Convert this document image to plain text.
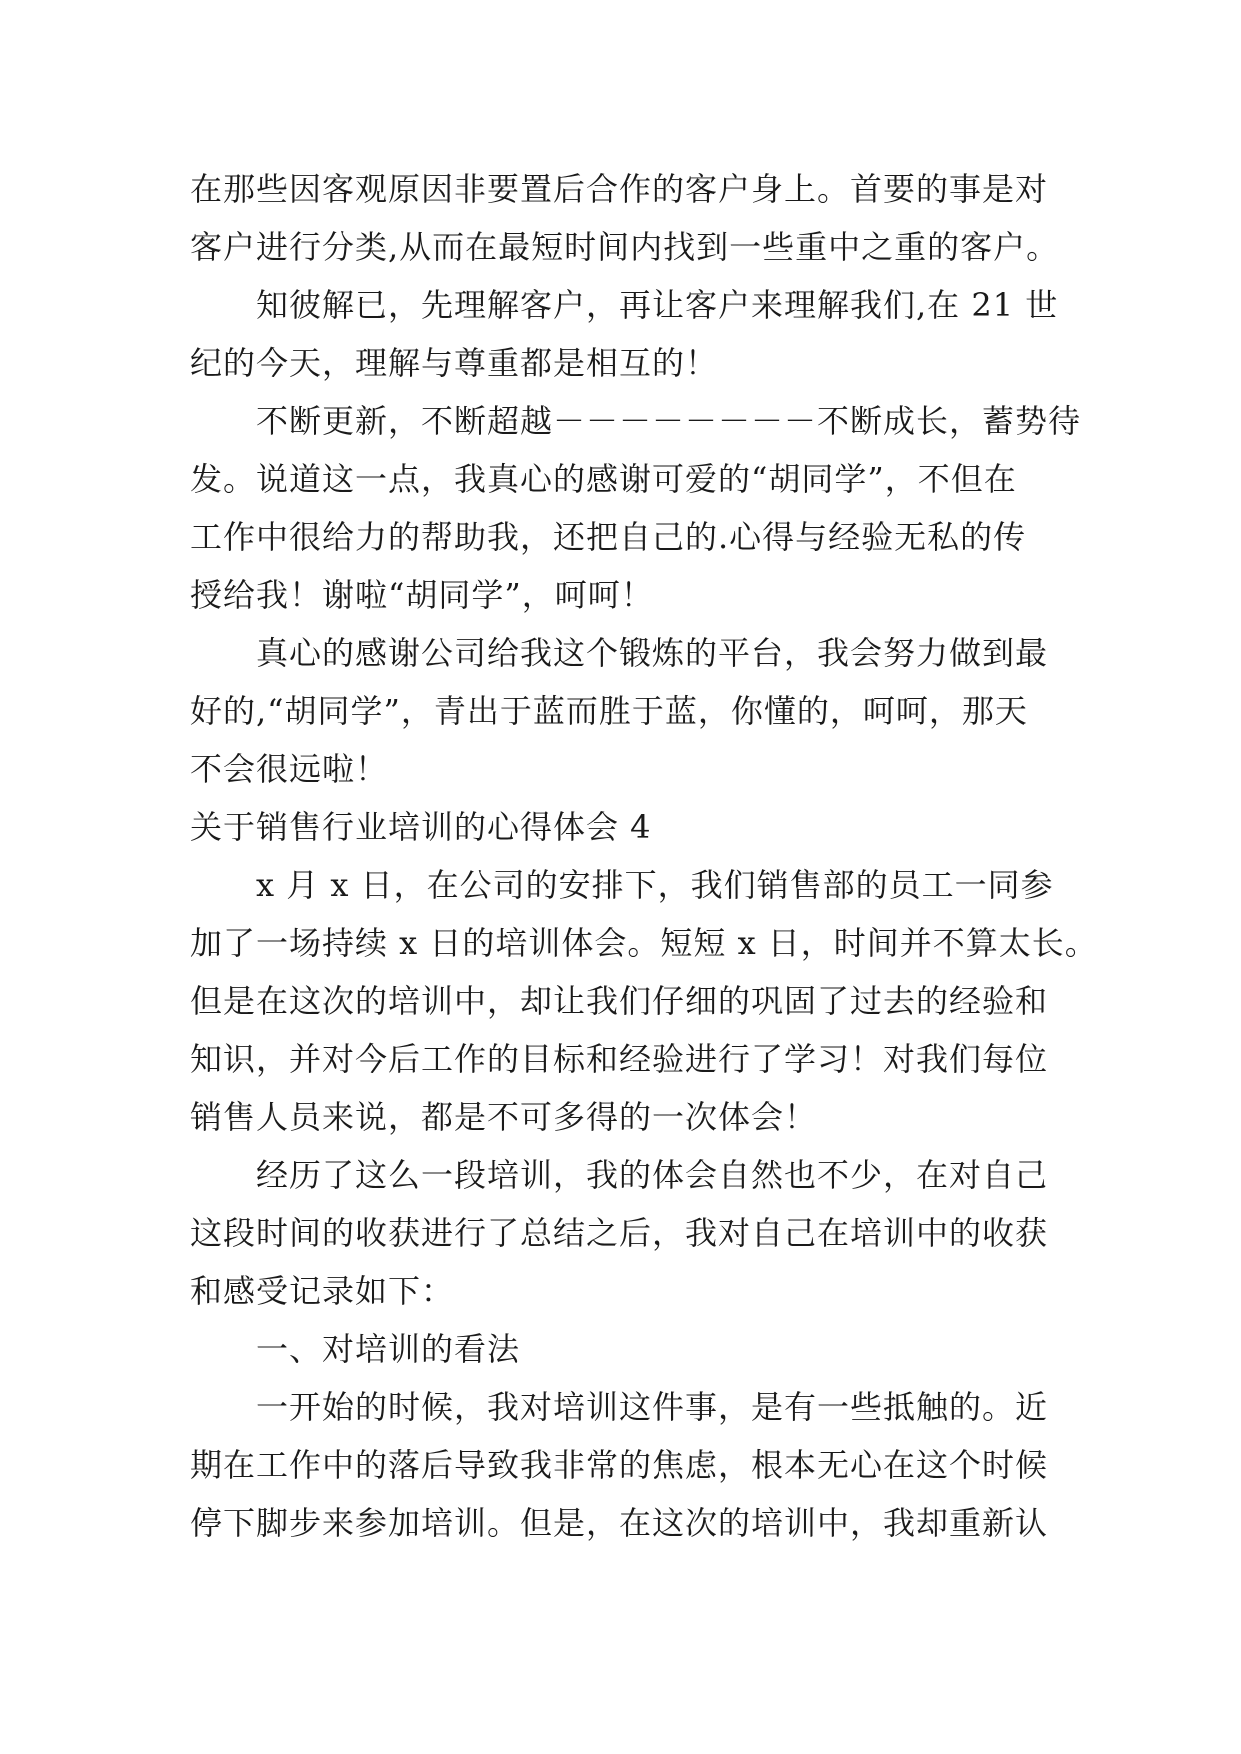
在那些因客观原因非要置后合作的客户身上。首要的事是对
客户进行分类,从而在最短时间内找到一些重中之重的客户。
知彼解已，先理解客户，再让客户来理解我们,在 21 世
纪的今天，理解与尊重都是相互的！
不断更新，不断超越－－－－－－－－不断成长，蓄势待
发。说道这一点，我真心的感谢可爱的“胡同学”，不但在
工作中很给力的帮助我，还把自己的.心得与经验无私的传
授给我！谢啦“胡同学”，呵呵！
真心的感谢公司给我这个锻炼的平台，我会努力做到最
好的,“胡同学”，青出于蓝而胜于蓝，你懂的，呵呵，那天
不会很远啦！
关于销售行业培训的心得体会 4
x 月 x 日，在公司的安排下，我们销售部的员工一同参
加了一场持续 x 日的培训体会。短短 x 日，时间并不算太长。
但是在这次的培训中，却让我们仔细的巩固了过去的经验和
知识，并对今后工作的目标和经验进行了学习！对我们每位
销售人员来说，都是不可多得的一次体会！
经历了这么一段培训，我的体会自然也不少，在对自己
这段时间的收获进行了总结之后，我对自己在培训中的收获
和感受记录如下：
一、对培训的看法
一开始的时候，我对培训这件事，是有一些抵触的。近
期在工作中的落后导致我非常的焦虑，根本无心在这个时候
停下脚步来参加培训。但是，在这次的培训中，我却重新认
